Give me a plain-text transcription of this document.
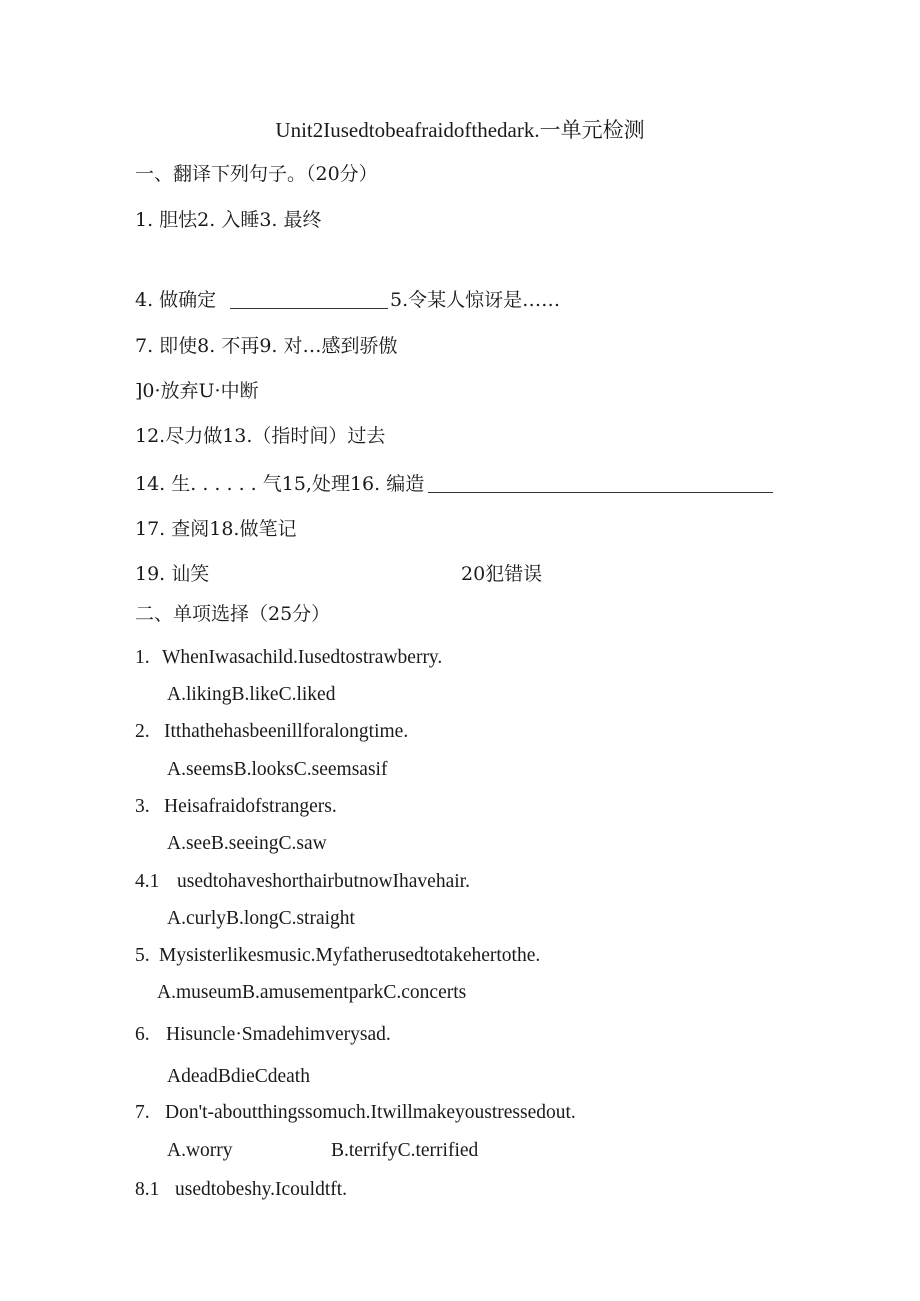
Unit2Iusedtobeafraidofthedark.一单元检测
一、翻译下列句子。（20分）
1. 胆怯2. 入睡3. 最终
4. 做确定	5.令某人惊讶是……
7. 即使8. 不再9. 对…感到骄傲
]0·放弃U·中断
12.尽力做13.（指时间）过去
14. 生. . . . . . 气15,处理16. 编造
17. 查阅18.做笔记
19. 讪笑	20犯错误
二、单项选择（25分）
1. WhenIwasachild.Iusedtostrawberry.
A.likingB.likeC.liked
2. Itthathehasbeenillforalongtime.
A.seemsB.looksC.seemsasif
3. Heisafraidofstrangers.
A.seeB.seeingC.saw
4.1 usedtohaveshorthairbutnowIhavehair.
A.curlyB.longC.straight
5. Mysisterlikesmusic.Myfatherusedtotakehertothe.
A.museumB.amusementparkC.concerts
6. Hisuncle·Smadehimverysad.
AdeadBdieCdeath
7. Don't-aboutthingssomuch.Itwillmakeyoustressedout.
A.worry	B.terrifyC.terrified
8.1 usedtobeshy.Icouldtft.
